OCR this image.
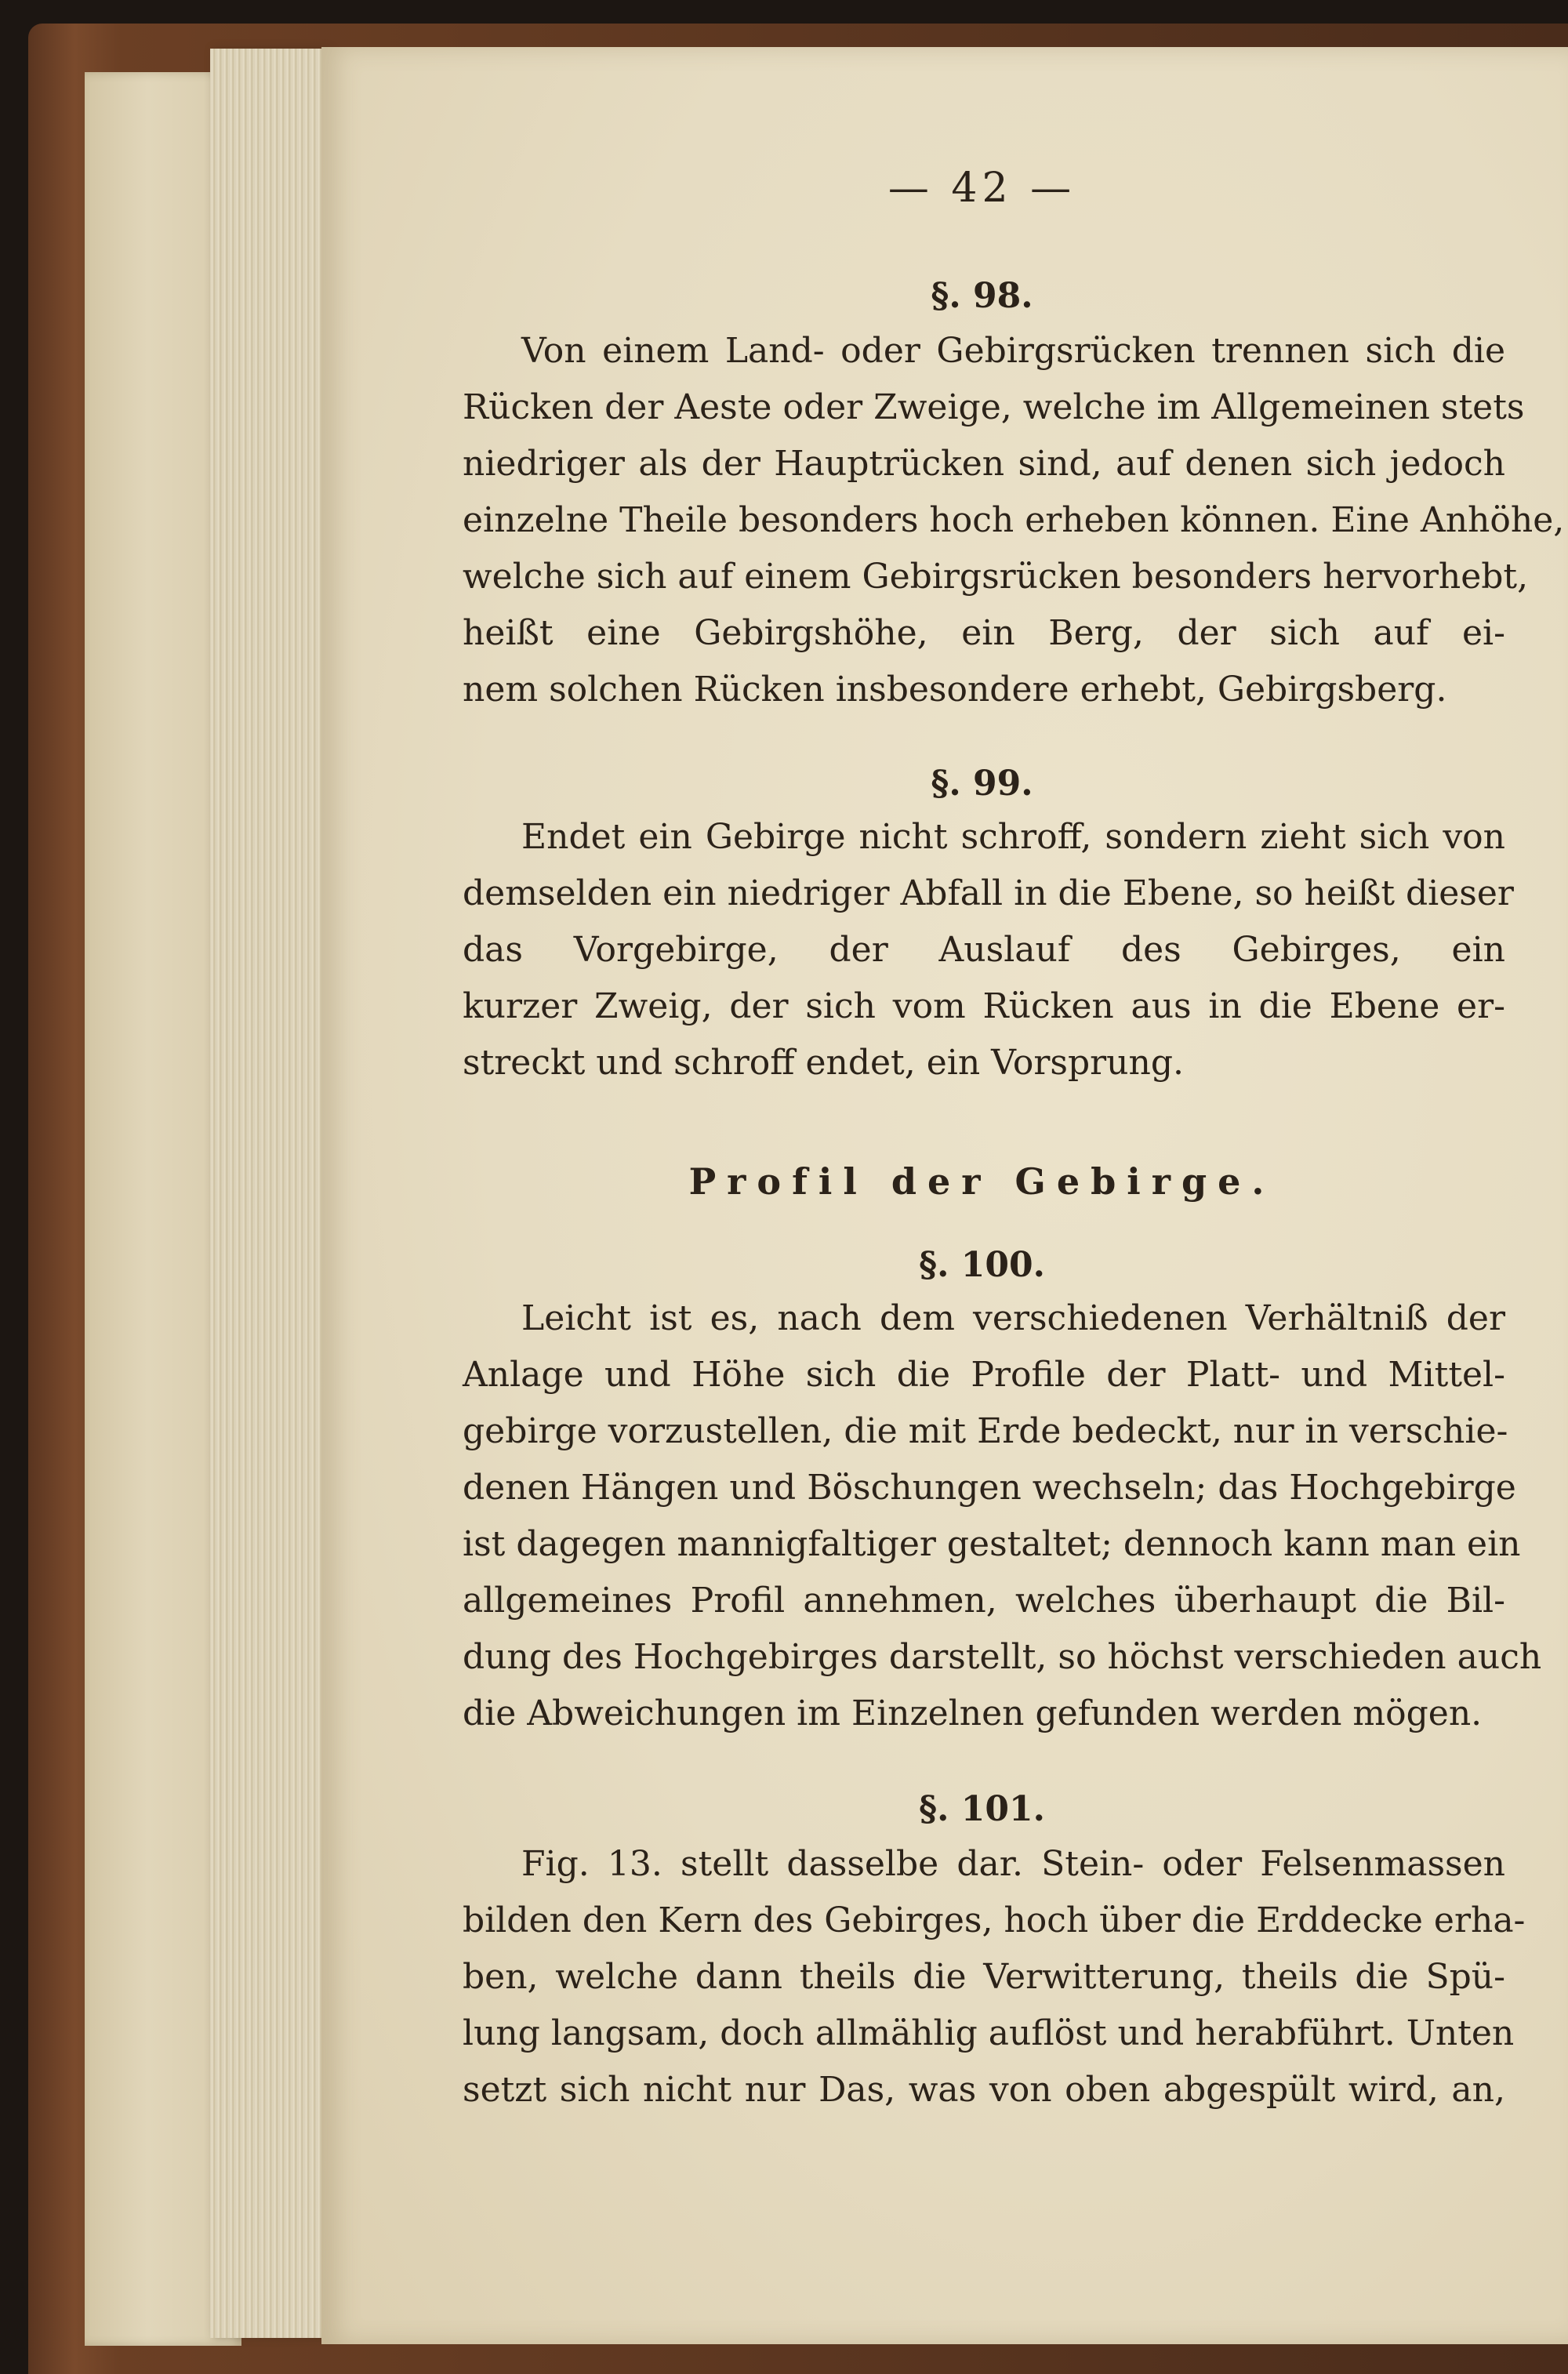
— 42 —
§. 98.
Von einem Land- oder Gebirgsrücken trennen sich die
Rücken der Aeste oder Zweige, welche im Allgemeinen stets
niedriger als der Hauptrücken sind, auf denen sich jedoch
einzelne Theile besonders hoch erheben können. Eine Anhöhe,
welche sich auf einem Gebirgsrücken besonders hervorhebt,
heißt eine Gebirgshöhe, ein Berg, der sich auf ei-
nem solchen Rücken insbesondere erhebt, Gebirgsberg.
§. 99.
Endet ein Gebirge nicht schroff, sondern zieht sich von
demselden ein niedriger Abfall in die Ebene, so heißt dieser
das Vorgebirge, der Auslauf des Gebirges, ein
kurzer Zweig, der sich vom Rücken aus in die Ebene er-
streckt und schroff endet, ein Vorsprung.
Profil der Gebirge.
§. 100.
Leicht ist es, nach dem verschiedenen Verhältniß der
Anlage und Höhe sich die Profile der Platt- und Mittel-
gebirge vorzustellen, die mit Erde bedeckt, nur in verschie-
denen Hängen und Böschungen wechseln; das Hochgebirge
ist dagegen mannigfaltiger gestaltet; dennoch kann man ein
allgemeines Profil annehmen, welches überhaupt die Bil-
dung des Hochgebirges darstellt, so höchst verschieden auch
die Abweichungen im Einzelnen gefunden werden mögen.
§. 101.
Fig. 13. stellt dasselbe dar. Stein- oder Felsenmassen
bilden den Kern des Gebirges, hoch über die Erddecke erha-
ben, welche dann theils die Verwitterung, theils die Spü-
lung langsam, doch allmählig auflöst und herabführt. Unten
setzt sich nicht nur Das, was von oben abgespült wird, an,
